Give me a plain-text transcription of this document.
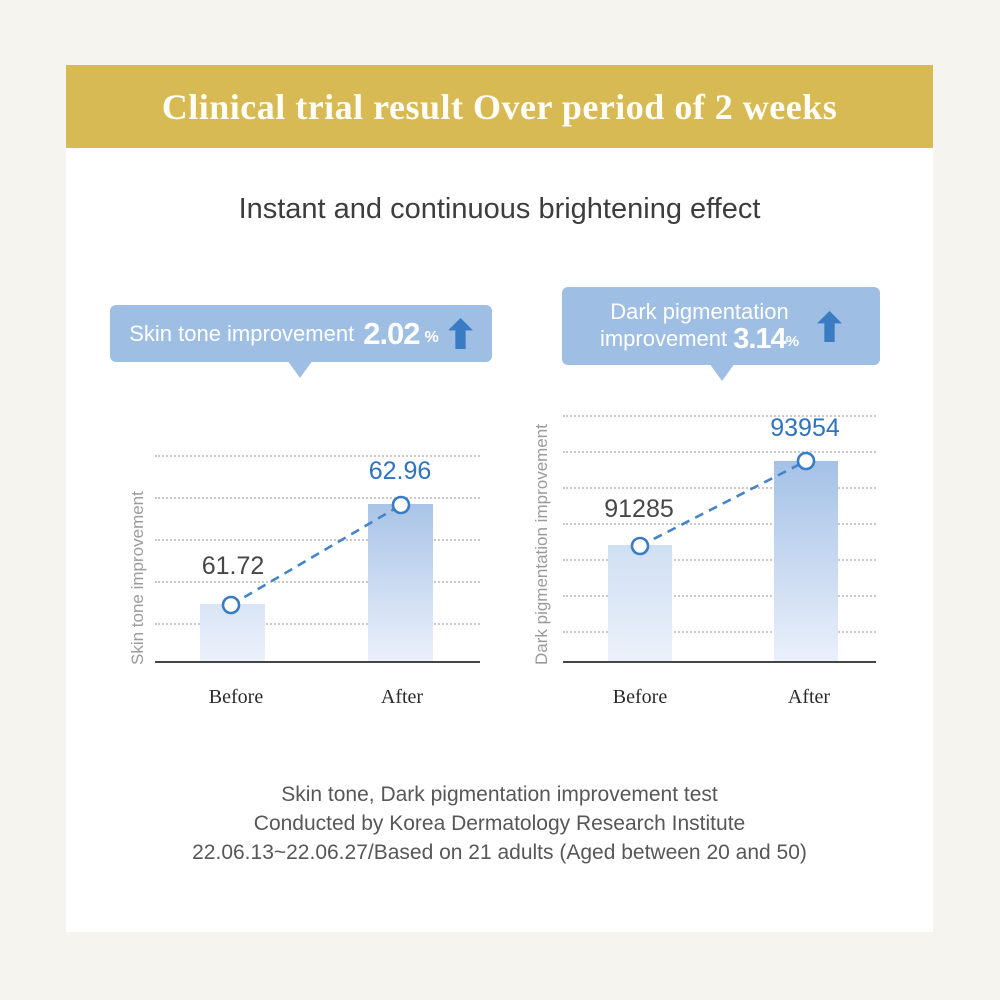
Clinical trial result Over period of 2 weeks
Instant and continuous brightening effect
Skin tone improvement 2.02 %
Dark pigmentation
improvement 3.14%
Skin tone improvement 61.72
62.96
Before	After
Dark pigmentation improvement 91285
93954
Before	After
Skin tone, Dark pigmentation improvement test
Conducted by Korea Dermatology Research Institute
22.06.13~22.06.27/Based on 21 adults (Aged between 20 and 50)
